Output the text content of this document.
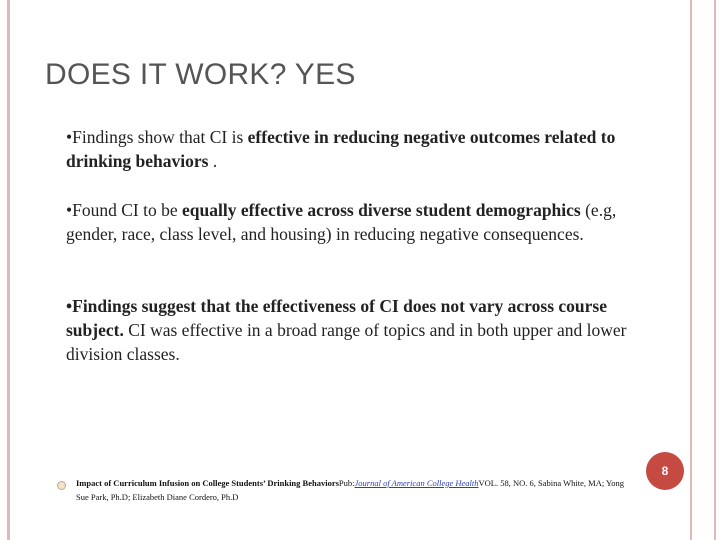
DOES IT WORK? YES
•Findings show that CI is effective in reducing negative outcomes related to drinking behaviors .
•Found CI to be equally effective across diverse student demographics (e.g, gender, race, class level, and housing) in reducing negative consequences.
•Findings suggest that the effectiveness of CI does not vary across course subject. CI was effective in a broad range of topics and in both upper and lower division classes.
Impact of Curriculum Infusion on College Students’ Drinking BehaviorsPub:Journal of American College HealthVOL. 58, NO. 6, Sabina White, MA; Yong Sue Park, Ph.D; Elizabeth Diane Cordero, Ph.D
8
